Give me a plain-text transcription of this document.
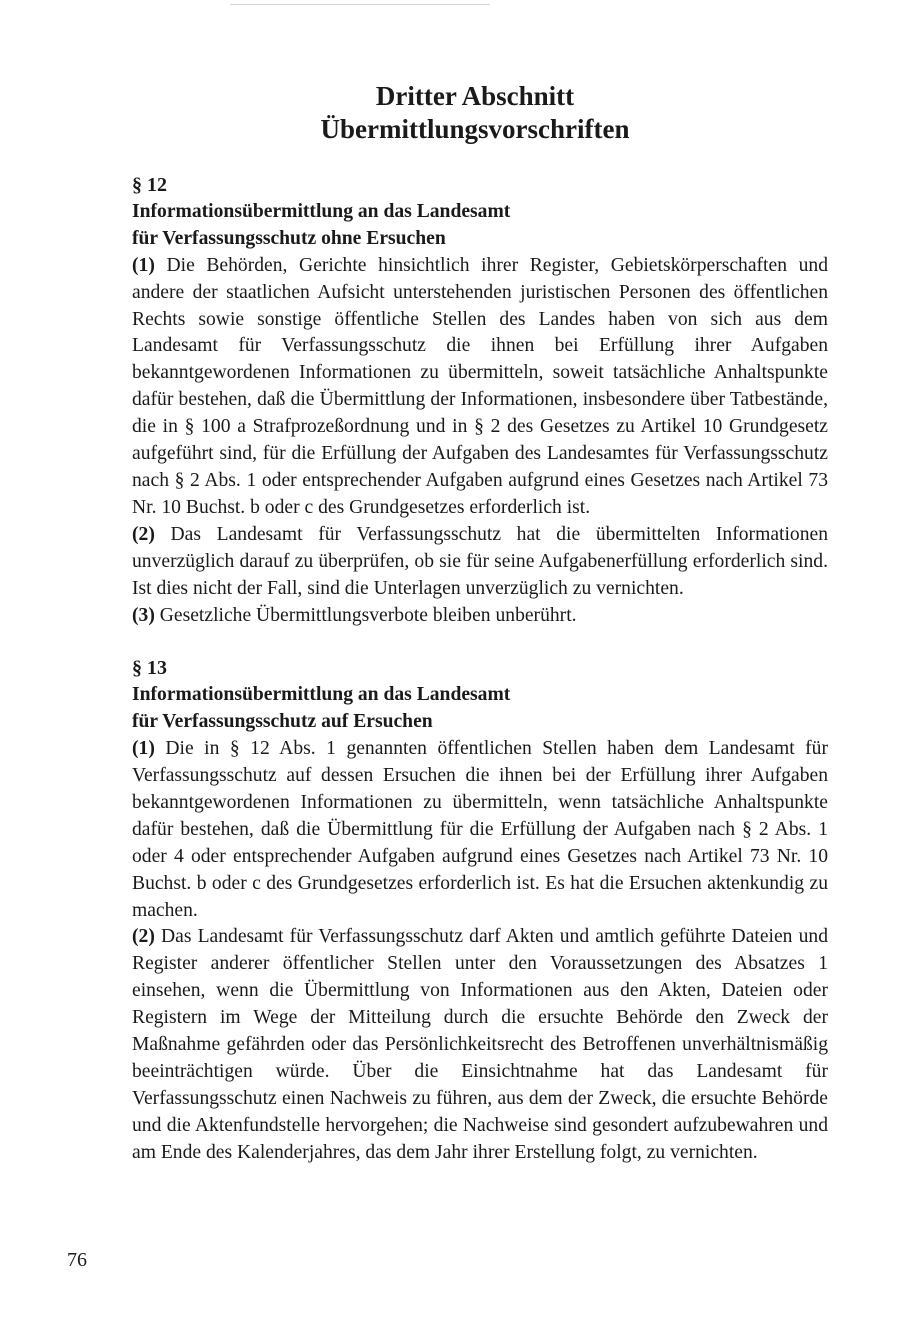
Dritter Abschnitt
Übermittlungsvorschriften
§ 12
Informationsübermittlung an das Landesamt
für Verfassungsschutz ohne Ersuchen

(1) Die Behörden, Gerichte hinsichtlich ihrer Register, Gebietskörperschaften und andere der staatlichen Aufsicht unterstehenden juristischen Personen des öffentlichen Rechts sowie sonstige öffentliche Stellen des Landes haben von sich aus dem Landesamt für Verfassungsschutz die ihnen bei Erfüllung ihrer Aufgaben bekanntgewordenen Informationen zu übermitteln, soweit tatsächliche Anhaltspunkte dafür bestehen, daß die Übermittlung der Informationen, insbesondere über Tatbestände, die in § 100 a Strafprozeßordnung und in § 2 des Gesetzes zu Artikel 10 Grundgesetz aufgeführt sind, für die Erfüllung der Aufgaben des Landesamtes für Verfassungsschutz nach § 2 Abs. 1 oder entsprechender Aufgaben aufgrund eines Gesetzes nach Artikel 73 Nr. 10 Buchst. b oder c des Grundgesetzes erforderlich ist.

(2) Das Landesamt für Verfassungsschutz hat die übermittelten Informationen unverzüglich darauf zu überprüfen, ob sie für seine Aufgabenerfüllung erforderlich sind. Ist dies nicht der Fall, sind die Unterlagen unverzüglich zu vernichten.

(3) Gesetzliche Übermittlungsverbote bleiben unberührt.

§ 13
Informationsübermittlung an das Landesamt
für Verfassungsschutz auf Ersuchen

(1) Die in § 12 Abs. 1 genannten öffentlichen Stellen haben dem Landesamt für Verfassungsschutz auf dessen Ersuchen die ihnen bei der Erfüllung ihrer Aufgaben bekanntgewordenen Informationen zu übermitteln, wenn tatsächliche Anhaltspunkte dafür bestehen, daß die Übermittlung für die Erfüllung der Aufgaben nach § 2 Abs. 1 oder 4 oder entsprechender Aufgaben aufgrund eines Gesetzes nach Artikel 73 Nr. 10 Buchst. b oder c des Grundgesetzes erforderlich ist. Es hat die Ersuchen aktenkundig zu machen.

(2) Das Landesamt für Verfassungsschutz darf Akten und amtlich geführte Dateien und Register anderer öffentlicher Stellen unter den Voraussetzungen des Absatzes 1 einsehen, wenn die Übermittlung von Informationen aus den Akten, Dateien oder Registern im Wege der Mitteilung durch die ersuchte Behörde den Zweck der Maßnahme gefährden oder das Persönlichkeitsrecht des Betroffenen unverhältnismäßig beeinträchtigen würde. Über die Einsichtnahme hat das Landesamt für Verfassungsschutz einen Nachweis zu führen, aus dem der Zweck, die ersuchte Behörde und die Aktenfundstelle hervorgehen; die Nachweise sind gesondert aufzubewahren und am Ende des Kalenderjahres, das dem Jahr ihrer Erstellung folgt, zu vernichten.

76
